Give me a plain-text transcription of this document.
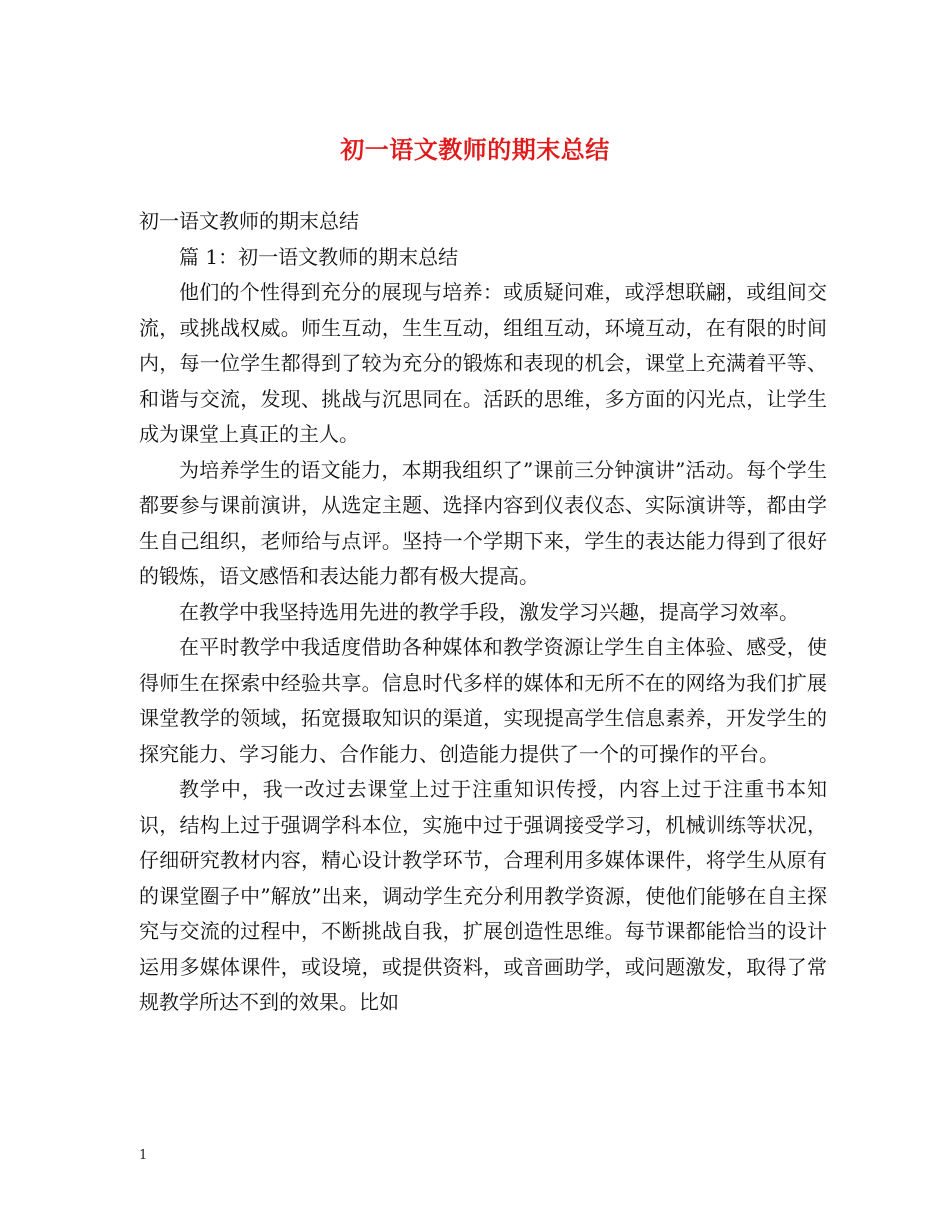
初一语文教师的期末总结

初一语文教师的期末总结

篇 1：初一语文教师的期末总结

他们的个性得到充分的展现与培养：或质疑问难，或浮想联翩，或组间交流，或挑战权威。师生互动，生生互动，组组互动，环境互动，在有限的时间内，每一位学生都得到了较为充分的锻炼和表现的机会，课堂上充满着平等、和谐与交流，发现、挑战与沉思同在。活跃的思维，多方面的闪光点，让学生成为课堂上真正的主人。

为培养学生的语文能力，本期我组织了”课前三分钟演讲”活动。每个学生都要参与课前演讲，从选定主题、选择内容到仪表仪态、实际演讲等，都由学生自己组织，老师给与点评。坚持一个学期下来，学生的表达能力得到了很好的锻炼，语文感悟和表达能力都有极大提高。

在教学中我坚持选用先进的教学手段，激发学习兴趣，提高学习效率。

在平时教学中我适度借助各种媒体和教学资源让学生自主体验、感受，使得师生在探索中经验共享。信息时代多样的媒体和无所不在的网络为我们扩展课堂教学的领域，拓宽摄取知识的渠道，实现提高学生信息素养，开发学生的探究能力、学习能力、合作能力、创造能力提供了一个的可操作的平台。

教学中，我一改过去课堂上过于注重知识传授，内容上过于注重书本知识，结构上过于强调学科本位，实施中过于强调接受学习，机械训练等状况，仔细研究教材内容，精心设计教学环节，合理利用多媒体课件，将学生从原有的课堂圈子中”解放”出来，调动学生充分利用教学资源，使他们能够在自主探究与交流的过程中，不断挑战自我，扩展创造性思维。每节课都能恰当的设计运用多媒体课件，或设境，或提供资料，或音画助学，或问题激发，取得了常规教学所达不到的效果。比如

1
